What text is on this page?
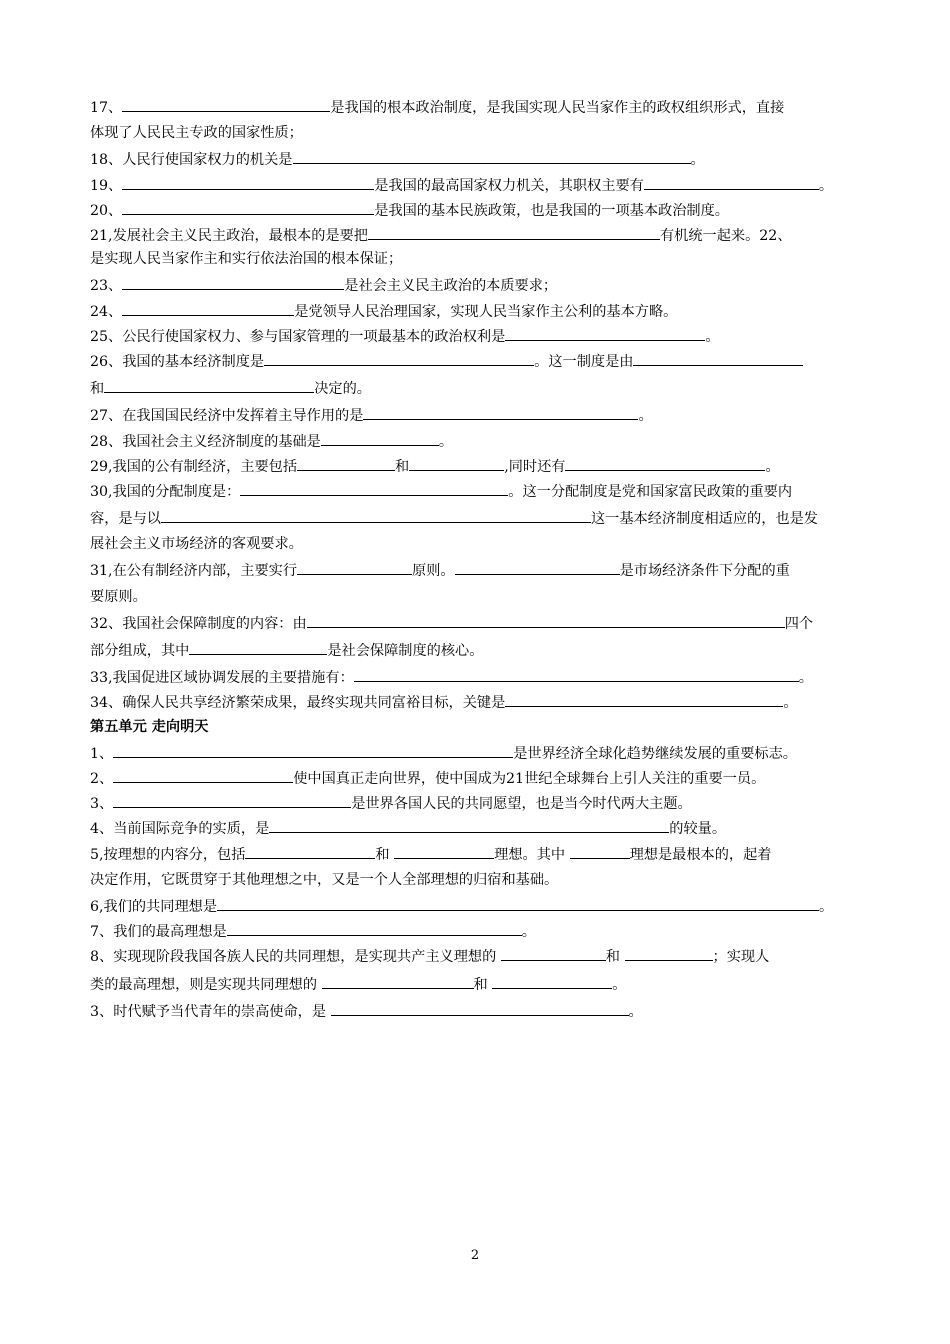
17、	是我国的根本政治制度，是我国实现人民当家作主的政权组织形式，直接
体现了人民民主专政的国家性质；
18、人民行使国家权力的机关是	。
19、	是我国的最高国家权力机关，其职权主要有	。
20、	是我国的基本民族政策，也是我国的一项基本政治制度。
21,发展社会主义民主政治，最根本的是要把	有机统一起来。22、
是实现人民当家作主和实行依法治国的根本保证；
23、	是社会主义民主政治的本质要求；
24、	是党领导人民治理国家，实现人民当家作主公利的基本方略。
25、公民行使国家权力、参与国家管理的一项最基本的政治权利是	。
26、我国的基本经济制度是	。这一制度是由
和	决定的。
27、在我国国民经济中发挥着主导作用的是	。
28、我国社会主义经济制度的基础是	。
29,我国的公有制经济，主要包括	和	,同时还有	。
30,我国的分配制度是：	。这一分配制度是党和国家富民政策的重要内
容，是与以	这一基本经济制度相适应的，也是发
展社会主义市场经济的客观要求。
31,在公有制经济内部，主要实行	原则。	是市场经济条件下分配的重
要原则。
32、我国社会保障制度的内容：由	四个
部分组成，其中	是社会保障制度的核心。
33,我国促进区域协调发展的主要措施有：	。
34、确保人民共享经济繁荣成果，最终实现共同富裕目标，关键是	。
第五单元 走向明天
1、	是世界经济全球化趋势继续发展的重要标志。
2、	使中国真正走向世界，使中国成为21世纪全球舞台上引人关注的重要一员。
3、	是世界各国人民的共同愿望，也是当今时代两大主题。
4、当前国际竞争的实质，是	的较量。
5,按理想的内容分，包括	和	理想。其中	理想是最根本的，起着
决定作用，它既贯穿于其他理想之中，又是一个人全部理想的归宿和基础。
6,我们的共同理想是	。
7、我们的最高理想是	。
8、实现现阶段我国各族人民的共同理想，是实现共产主义理想的	和	；实现人
类的最高理想，则是实现共同理想的	和	。
3、时代赋予当代青年的崇高使命，是	。
2
